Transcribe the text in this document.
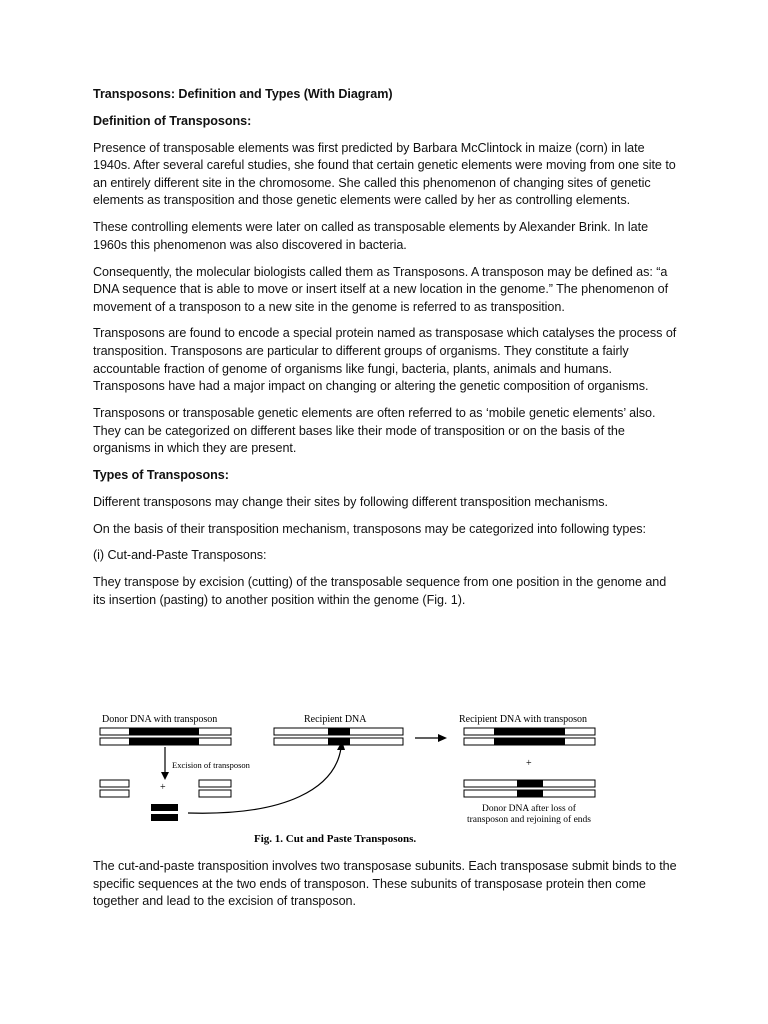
Transposons: Definition and Types (With Diagram)

Definition of Transposons:

Presence of transposable elements was first predicted by Barbara McClintock in maize (corn) in late 1940s. After several careful studies, she found that certain genetic elements were moving from one site to an entirely different site in the chromosome. She called this phenomenon of changing sites of genetic elements as transposition and those genetic elements were called by her as controlling elements.

These controlling elements were later on called as transposable elements by Alexander Brink. In late 1960s this phenomenon was also discovered in bacteria.

Consequently, the molecular biologists called them as Transposons. A transposon may be defined as: “a DNA sequence that is able to move or insert itself at a new location in the genome.” The phenomenon of movement of a transposon to a new site in the genome is referred to as transposition.

Transposons are found to encode a special protein named as transposase which catalyses the process of transposition. Transposons are particular to different groups of organisms. They constitute a fairly accountable fraction of genome of organisms like fungi, bacteria, plants, animals and humans. Transposons have had a major impact on changing or altering the genetic composition of organisms.

Transposons or transposable genetic elements are often referred to as ‘mobile genetic elements’ also. They can be categorized on different bases like their mode of transposition or on the basis of the organisms in which they are present.

Types of Transposons:

Different transposons may change their sites by following different transposition mechanisms.

On the basis of their transposition mechanism, transposons may be categorized into following types:

(i) Cut-and-Paste Transposons:

They transpose by excision (cutting) of the transposable sequence from one position in the genome and its insertion (pasting) to another position within the genome (Fig. 1).

Donor DNA with transposon
Excision of transposon
+
Recipient DNA	Recipient DNA with transposon
+
Donor DNA after loss of
transposon and rejoining of ends
Fig. 1. Cut and Paste Transposons.

The cut-and-paste transposition involves two transposase subunits. Each transposase submit binds to the specific sequences at the two ends of transposon. These subunits of transposase protein then come together and lead to the excision of transposon.
